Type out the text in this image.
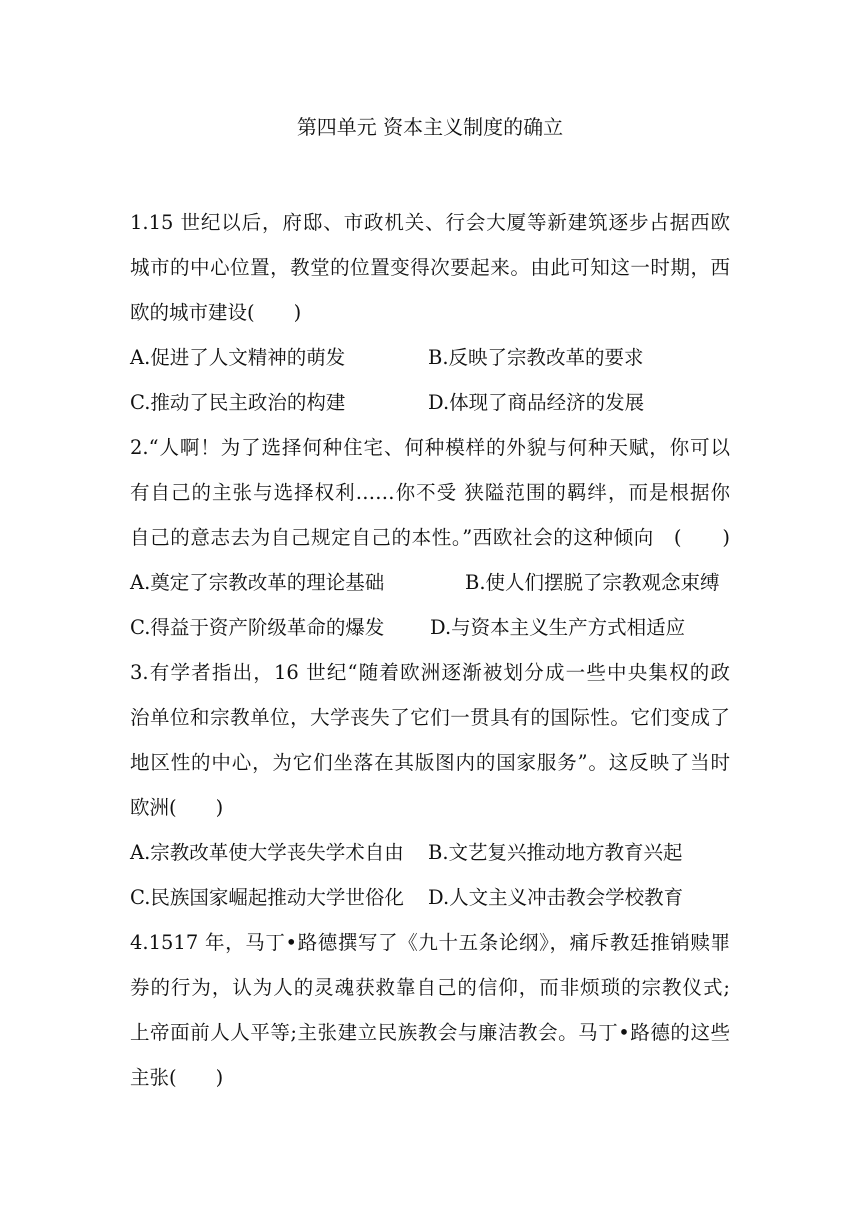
第四单元 资本主义制度的确立
1.15 世纪以后，府邸、市政机关、行会大厦等新建筑逐步占据西欧
城市的中心位置，教堂的位置变得次要起来。由此可知这一时期，西
欧的城市建设(　　)
A.促进了人文精神的萌发	B.反映了宗教改革的要求
C.推动了民主政治的构建	D.体现了商品经济的发展
2.“人啊！为了选择何种住宅、何种模样的外貌与何种天赋，你可以
有自己的主张与选择权利……你不受 狭隘范围的羁绊，而是根据你
自己的意志去为自己规定自己的本性。”西欧社会的这种倾向　(　　)
A.奠定了宗教改革的理论基础	B.使人们摆脱了宗教观念束缚
C.得益于资产阶级革命的爆发 D.与资本主义生产方式相适应
3.有学者指出，16 世纪“随着欧洲逐渐被划分成一些中央集权的政
治单位和宗教单位，大学丧失了它们一贯具有的国际性。它们变成了
地区性的中心，为它们坐落在其版图内的国家服务”。这反映了当时
欧洲(　　)
A.宗教改革使大学丧失学术自由 B.文艺复兴推动地方教育兴起
C.民族国家崛起推动大学世俗化 D.人文主义冲击教会学校教育
4.1517 年，马丁•路德撰写了《九十五条论纲》，痛斥教廷推销赎罪
券的行为，认为人的灵魂获救靠自己的信仰，而非烦琐的宗教仪式;
上帝面前人人平等;主张建立民族教会与廉洁教会。马丁•路德的这些
主张(　　)
